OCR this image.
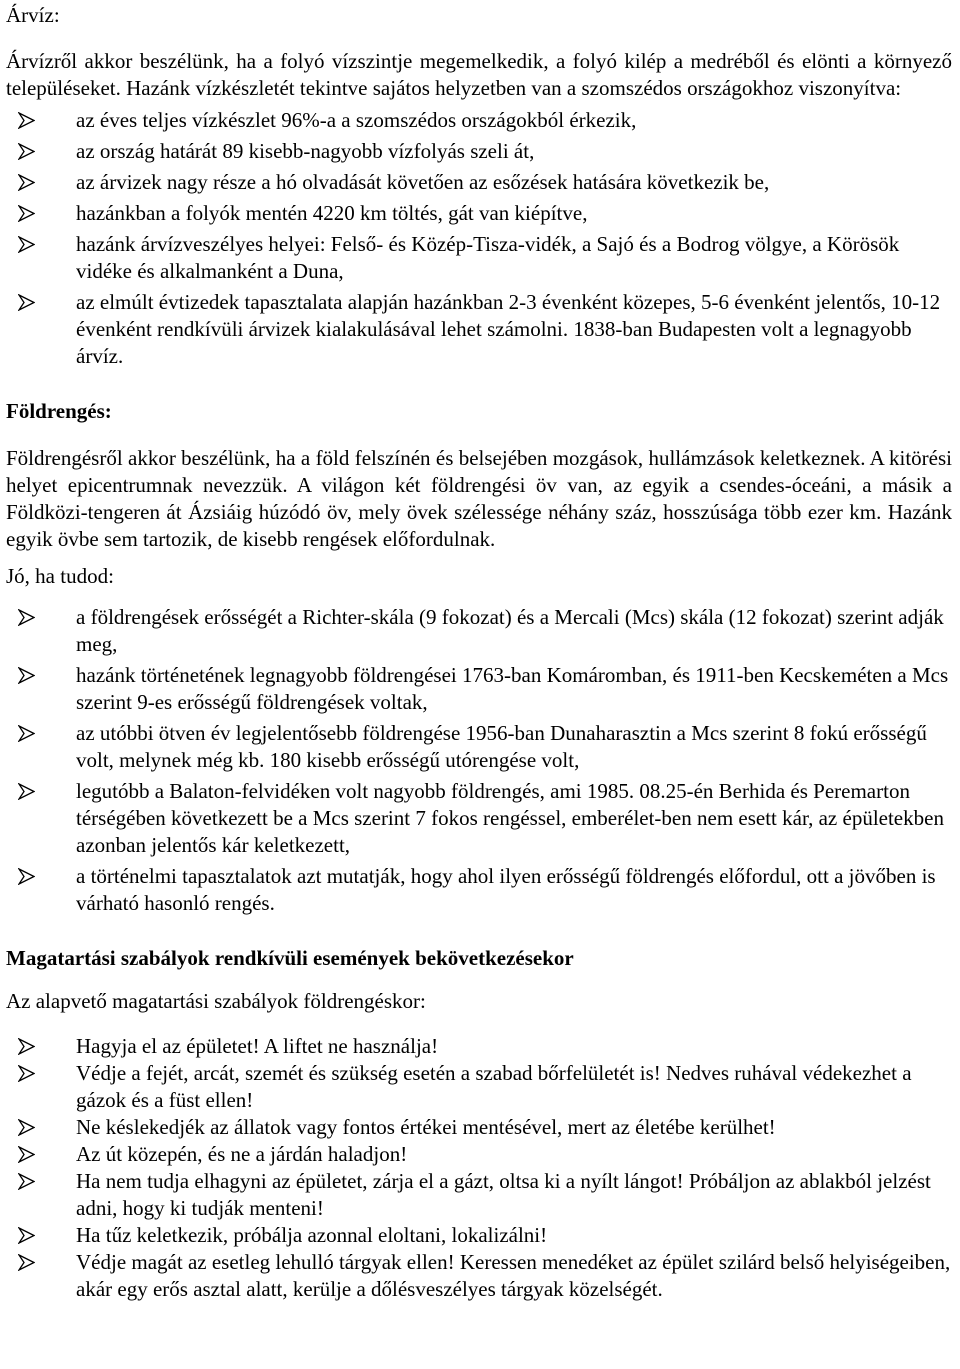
Árvíz:

Árvízről akkor beszélünk, ha a folyó vízszintje megemelkedik, a folyó kilép a medréből és elönti a környező településeket. Hazánk vízkészletét tekintve sajátos helyzetben van a szomszédos országokhoz viszonyítva:

az éves teljes vízkészlet 96%-a a szomszédos országokból érkezik,
az ország határát 89 kisebb-nagyobb vízfolyás szeli át,
az árvizek nagy része a hó olvadását követően az esőzések hatására következik be,
hazánkban a folyók mentén 4220 km töltés, gát van kiépítve,
hazánk árvízveszélyes helyei: Felső- és Közép-Tisza-vidék, a Sajó és a Bodrog völgye, a Körösök vidéke és alkalmanként a Duna,
az elmúlt évtizedek tapasztalata alapján hazánkban 2-3 évenként közepes, 5-6 évenként jelentős, 10-12 évenként rendkívüli árvizek kialakulásával lehet számolni. 1838-ban Budapesten volt a legnagyobb árvíz.
Földrengés:

Földrengésről akkor beszélünk, ha a föld felszínén és belsejében mozgások, hullámzások keletkeznek. A kitörési helyet epicentrumnak nevezzük. A világon két földrengési öv van, az egyik a csendes-óceáni, a másik a Földközi-tengeren át Ázsiáig húzódó öv, mely övek szélessége néhány száz, hosszúsága több ezer km. Hazánk egyik övbe sem tartozik, de kisebb rengések előfordulnak.

Jó, ha tudod:

a földrengések erősségét a Richter-skála (9 fokozat) és a Mercali (Mcs) skála (12 fokozat) szerint adják meg,
hazánk történetének legnagyobb földrengései 1763-ban Komáromban, és 1911-ben Kecskeméten a Mcs szerint 9-es erősségű földrengések voltak,
az utóbbi ötven év legjelentősebb földrengése 1956-ban Dunaharasztin a Mcs szerint 8 fokú erősségű volt, melynek még kb. 180 kisebb erősségű utórengése volt,
legutóbb a Balaton-felvidéken volt nagyobb földrengés, ami 1985. 08.25-én Berhida és Peremarton térségében következett be a Mcs szerint 7 fokos rengéssel, emberélet-ben nem esett kár, az épületekben azonban jelentős kár keletkezett,
a történelmi tapasztalatok azt mutatják, hogy ahol ilyen erősségű földrengés előfordul, ott a jövőben is várható hasonló rengés.
Magatartási szabályok rendkívüli események bekövetkezésekor

Az alapvető magatartási szabályok földrengéskor:

Hagyja el az épületet! A liftet ne használja!
Védje a fejét, arcát, szemét és szükség esetén a szabad bőrfelületét is! Nedves ruhával védekezhet a gázok és a füst ellen!
Ne késlekedjék az állatok vagy fontos értékei mentésével, mert az életébe kerülhet!
Az út közepén, és ne a járdán haladjon!
Ha nem tudja elhagyni az épületet, zárja el a gázt, oltsa ki a nyílt lángot! Próbáljon az ablakból jelzést adni, hogy ki tudják menteni!
Ha tűz keletkezik, próbálja azonnal eloltani, lokalizálni!
Védje magát az esetleg lehulló tárgyak ellen! Keressen menedéket az épület szilárd belső helyiségeiben, akár egy erős asztal alatt, kerülje a dőlésveszélyes tárgyak közelségét.
